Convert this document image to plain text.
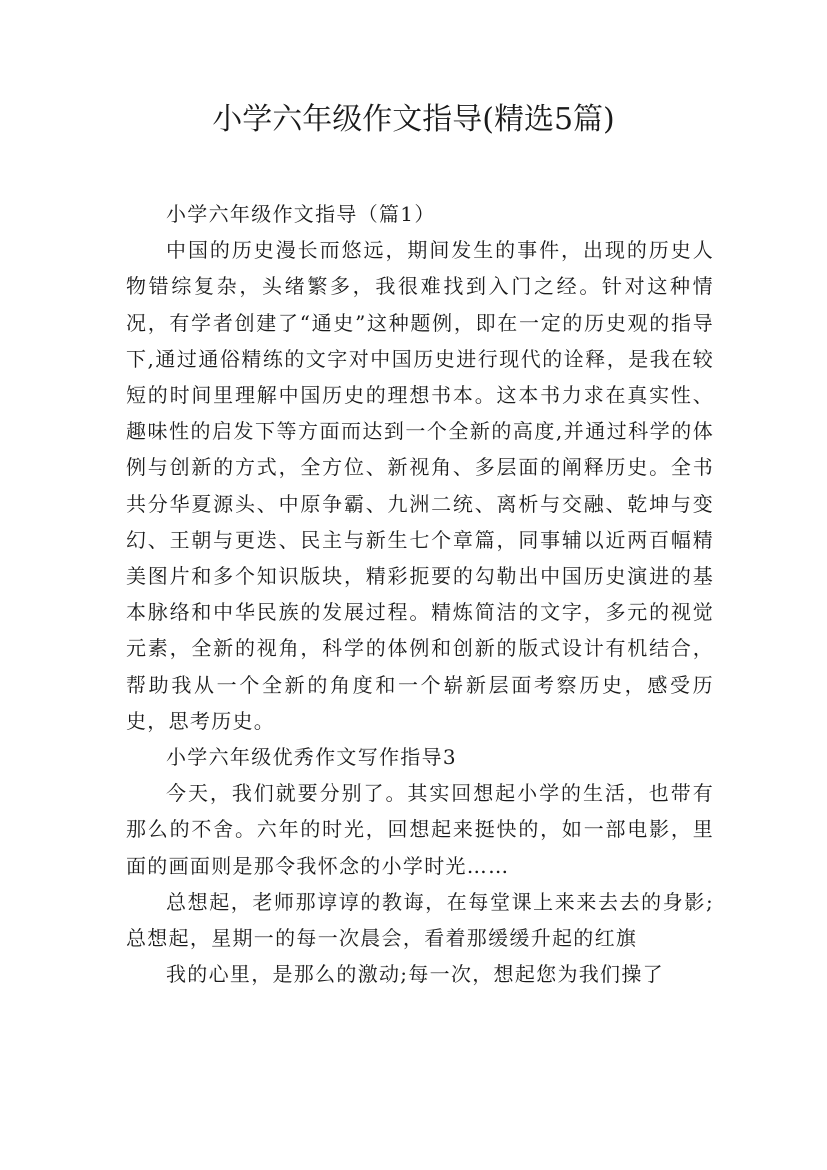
小学六年级作文指导(精选5篇)

小学六年级作文指导（篇1）

中国的历史漫长而悠远，期间发生的事件，出现的历史人物错综复杂，头绪繁多，我很难找到入门之经。针对这种情况，有学者创建了“通史”这种题例，即在一定的历史观的指导下,通过通俗精练的文字对中国历史进行现代的诠释，是我在较短的时间里理解中国历史的理想书本。这本书力求在真实性、趣味性的启发下等方面而达到一个全新的高度,并通过科学的体例与创新的方式，全方位、新视角、多层面的阐释历史。全书共分华夏源头、中原争霸、九洲二统、离析与交融、乾坤与变幻、王朝与更迭、民主与新生七个章篇，同事辅以近两百幅精美图片和多个知识版块，精彩扼要的勾勒出中国历史演进的基本脉络和中华民族的发展过程。精炼简洁的文字，多元的视觉元素，全新的视角，科学的体例和创新的版式设计有机结合，帮助我从一个全新的角度和一个崭新层面考察历史，感受历史，思考历史。

小学六年级优秀作文写作指导3

今天，我们就要分别了。其实回想起小学的生活，也带有那么的不舍。六年的时光，回想起来挺快的，如一部电影，里面的画面则是那令我怀念的小学时光……

总想起，老师那谆谆的教诲，在每堂课上来来去去的身影;总想起，星期一的每一次晨会，看着那缓缓升起的红旗

我的心里，是那么的激动;每一次，想起您为我们操了
